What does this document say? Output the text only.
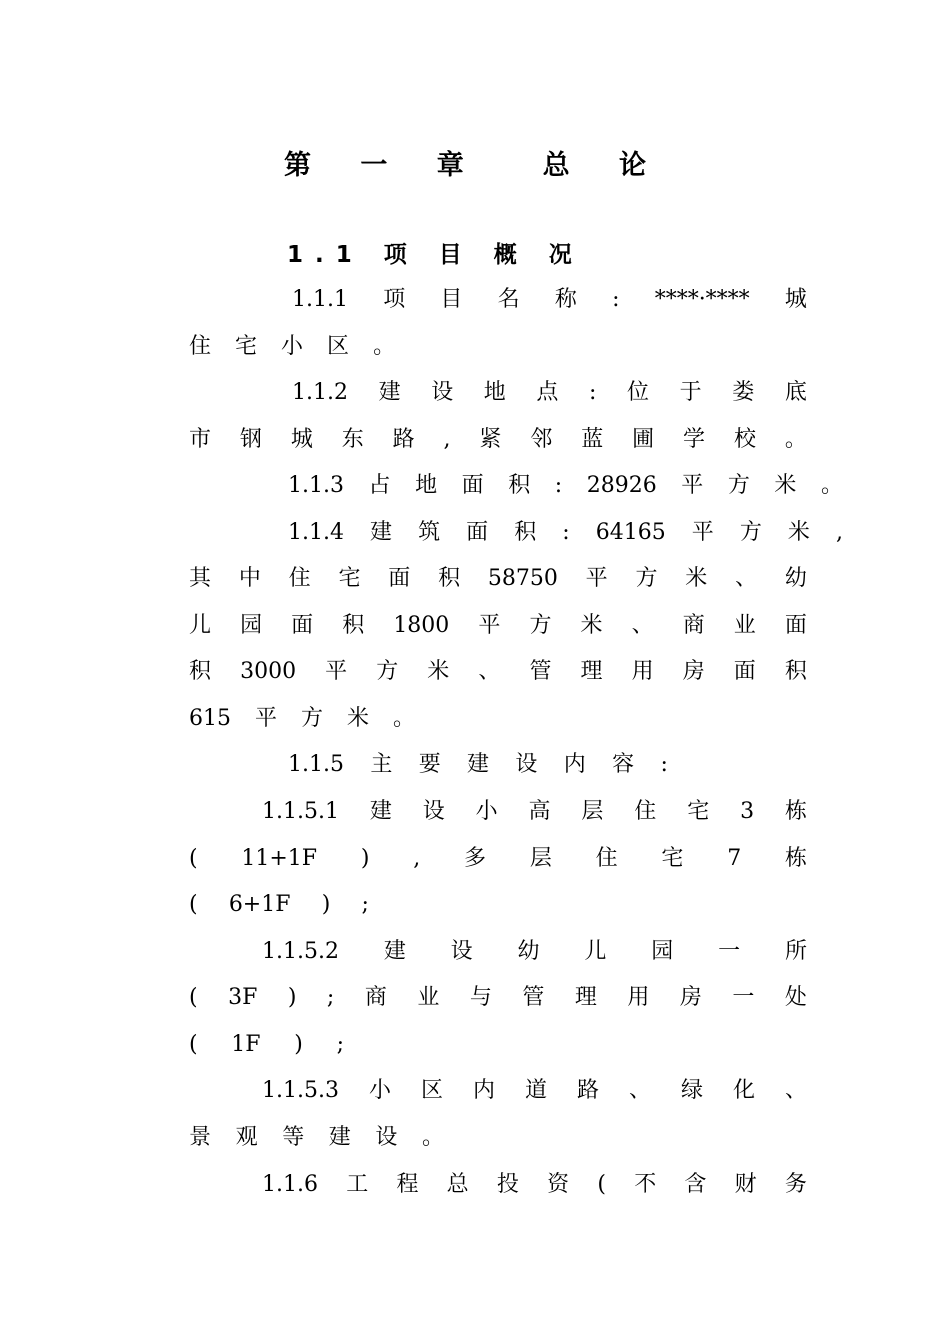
第 一 章  总 论
1.1 项 目 概 况
1.1.1 项 目 名 称 : ****·**** 城
住 宅 小 区 。
1.1.2 建 设 地 点 : 位 于 娄 底
市 钢 城 东 路 , 紧 邻 蓝 圃 学 校 。
1.1.3 占 地 面 积 : 28926 平 方 米 。
1.1.4 建 筑 面 积 : 64165 平 方 米 ,
其 中 住 宅 面 积 58750 平 方 米 、 幼
儿 园 面 积 1800 平 方 米 、 商 业 面
积 3000 平 方 米 、 管 理 用 房 面 积
615 平 方 米 。
1.1.5 主 要 建 设 内 容 :
1.1.5.1 建 设 小 高 层 住 宅 3 栋
( 11+1F ) , 多 层 住 宅 7 栋
( 6+1F ) ;
1.1.5.2 建 设 幼 儿 园 一 所
( 3F ) ; 商 业 与 管 理 用 房 一 处
( 1F ) ;
1.1.5.3 小 区 内 道 路 、 绿 化 、
景 观 等 建 设 。
1.1.6 工 程 总 投 资 ( 不 含 财 务
